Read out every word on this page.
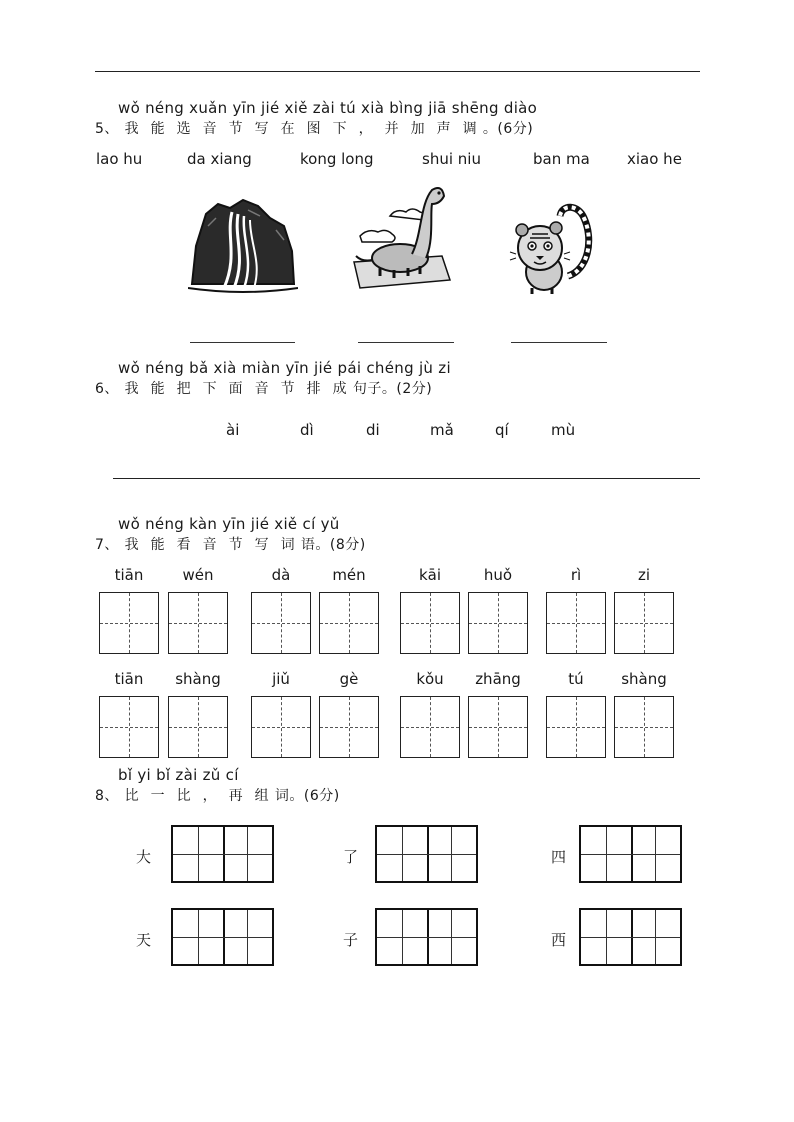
wǒ néng xuǎn yīn jié xiě zài tú xià bìng jiā shēng diào
5、 我 能 选 音 节 写 在 图 下 ， 并 加 声 调 。(6分)
lao hu	da xiang	kong long	shui niu	ban ma xiao he
wǒ néng bǎ xià miàn yīn jié pái chéng jù zi
6、 我 能 把 下 面 音 节 排 成 句子。(2分)
ài	dì	di	mǎ	qí	mù
wǒ néng kàn yīn jié xiě cí yǔ
7、 我 能 看 音 节 写 词 语。(8分)
tiān	wén	dà	mén	kāi	huǒ	rì	zi
tiān	shàng	jiǔ	gè	kǒu	zhāng	tú	shàng
bǐ yi bǐ zài zǔ cí
8、 比 一 比 ， 再 组 词。(6分)
大	了	四
天	子	西
